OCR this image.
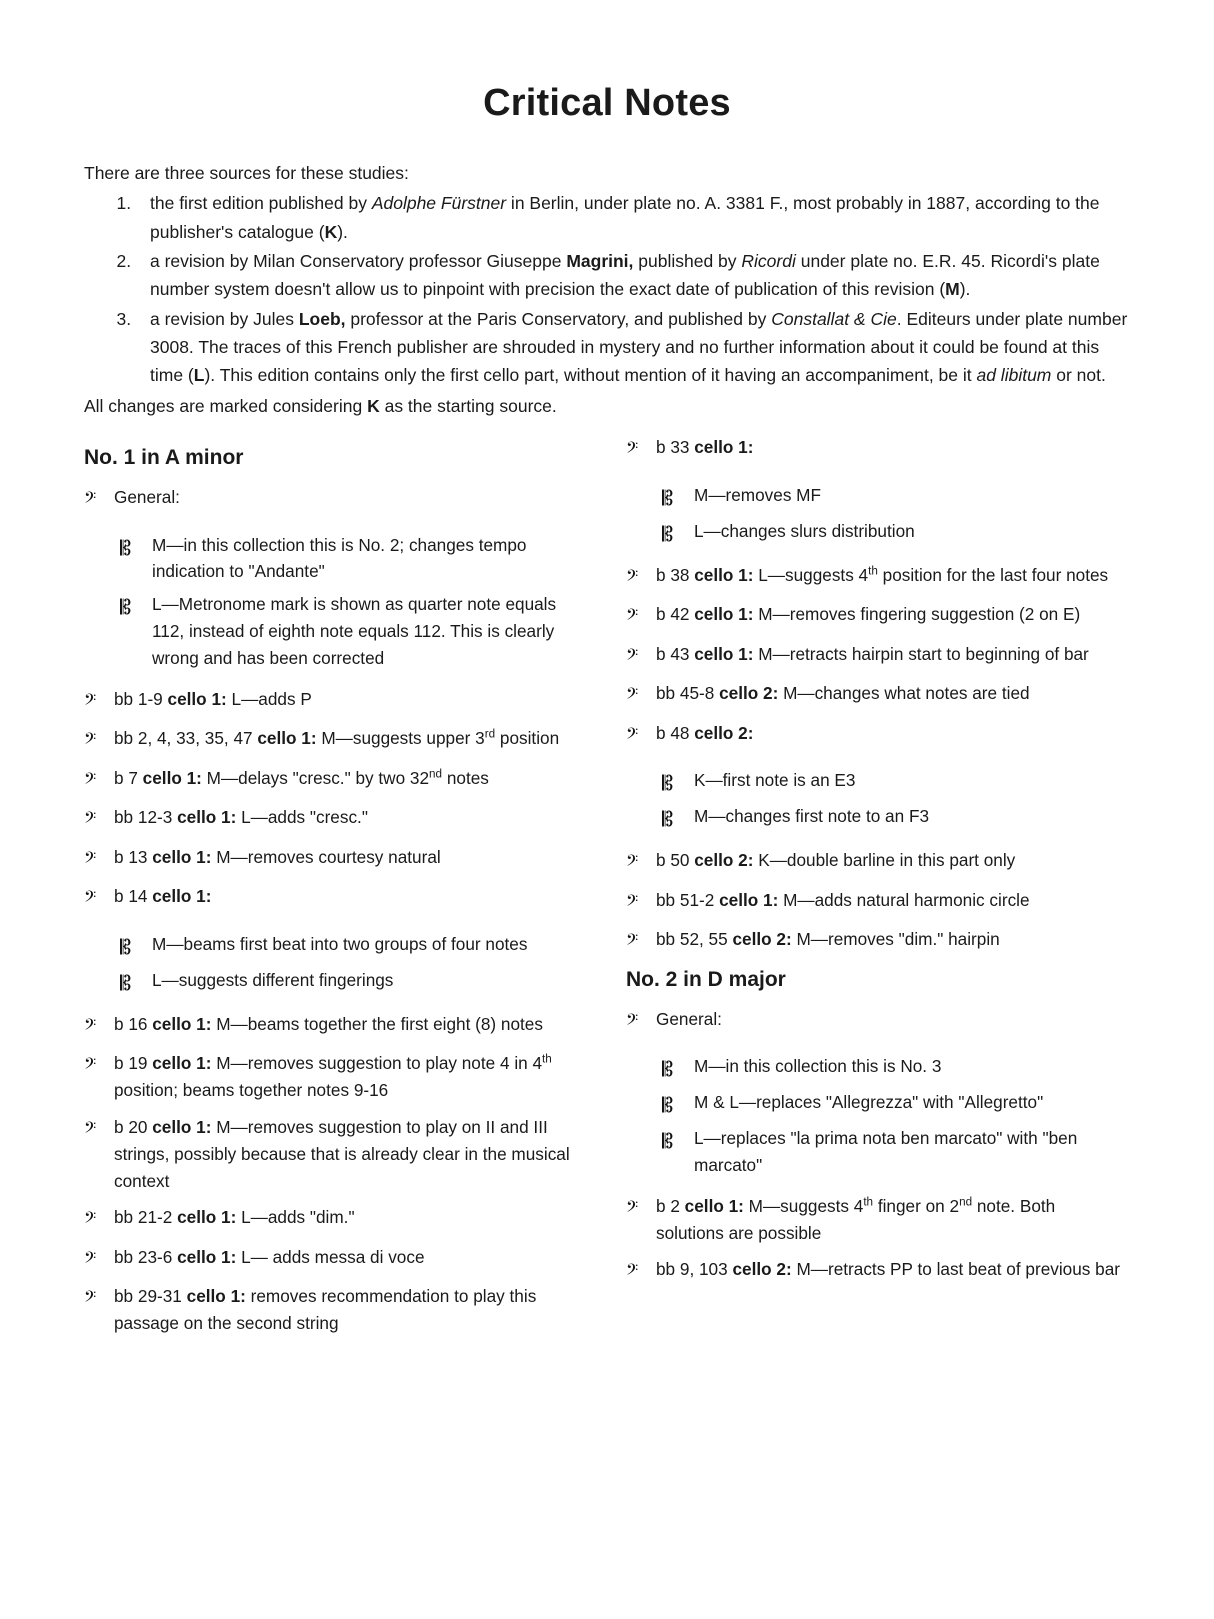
Critical Notes

There are three sources for these studies:

1. the first edition published by Adolphe Fürstner in Berlin, under plate no. A. 3381 F., most probably in 1887, according to the publisher's catalogue (K).
2. a revision by Milan Conservatory professor Giuseppe Magrini, published by Ricordi under plate no. E.R. 45. Ricordi's plate number system doesn't allow us to pinpoint with precision the exact date of publication of this revision (M).
3. a revision by Jules Loeb, professor at the Paris Conservatory, and published by Constallat & Cie. Editeurs under plate number 3008. The traces of this French publisher are shrouded in mystery and no further information about it could be found at this time (L). This edition contains only the first cello part, without mention of it having an accompaniment, be it ad libitum or not.

All changes are marked considering K as the starting source.

No. 1 in A minor
𝄢	General:
𝄡	M—in this collection this is No. 2; changes tempo indication to "Andante"
𝄡	L—Metronome mark is shown as quarter note equals 112, instead of eighth note equals 112. This is clearly wrong and has been corrected
𝄢	bb 1-9 cello 1: L—adds P
𝄢	bb 2, 4, 33, 35, 47 cello 1: M—suggests upper 3rd position
𝄢	b 7 cello 1: M—delays "cresc." by two 32nd notes
𝄢	bb 12-3 cello 1: L—adds "cresc."
𝄢	b 13 cello 1: M—removes courtesy natural
𝄢	b 14 cello 1:
𝄡	M—beams first beat into two groups of four notes
𝄡	L—suggests different fingerings
𝄢	b 16 cello 1: M—beams together the first eight (8) notes
𝄢	b 19 cello 1: M—removes suggestion to play note 4 in 4th position; beams together notes 9-16
𝄢	b 20 cello 1: M—removes suggestion to play on II and III strings, possibly because that is already clear in the musical context
𝄢	bb 21-2 cello 1: L—adds "dim."
𝄢	bb 23-6 cello 1: L— adds messa di voce
𝄢	bb 29-31 cello 1: removes recommendation to play this passage on the second string
𝄢	b 33 cello 1:
𝄡	M—removes MF
𝄡	L—changes slurs distribution
𝄢	b 38 cello 1: L—suggests 4th position for the last four notes
𝄢	b 42 cello 1: M—removes fingering suggestion (2 on E)
𝄢	b 43 cello 1: M—retracts hairpin start to beginning of bar
𝄢	bb 45-8 cello 2: M—changes what notes are tied
𝄢	b 48 cello 2:
𝄡	K—first note is an E3
𝄡	M—changes first note to an F3
𝄢	b 50 cello 2: K—double barline in this part only
𝄢	bb 51-2 cello 1: M—adds natural harmonic circle
𝄢	bb 52, 55 cello 2: M—removes "dim." hairpin
No. 2 in D major
𝄢	General:
𝄡	M—in this collection this is No. 3
𝄡	M & L—replaces "Allegrezza" with "Allegretto"
𝄡	L—replaces "la prima nota ben marcato" with "ben marcato"
𝄢	b 2 cello 1: M—suggests 4th finger on 2nd note. Both solutions are possible
𝄢	bb 9, 103 cello 2: M—retracts PP to last beat of previous bar
